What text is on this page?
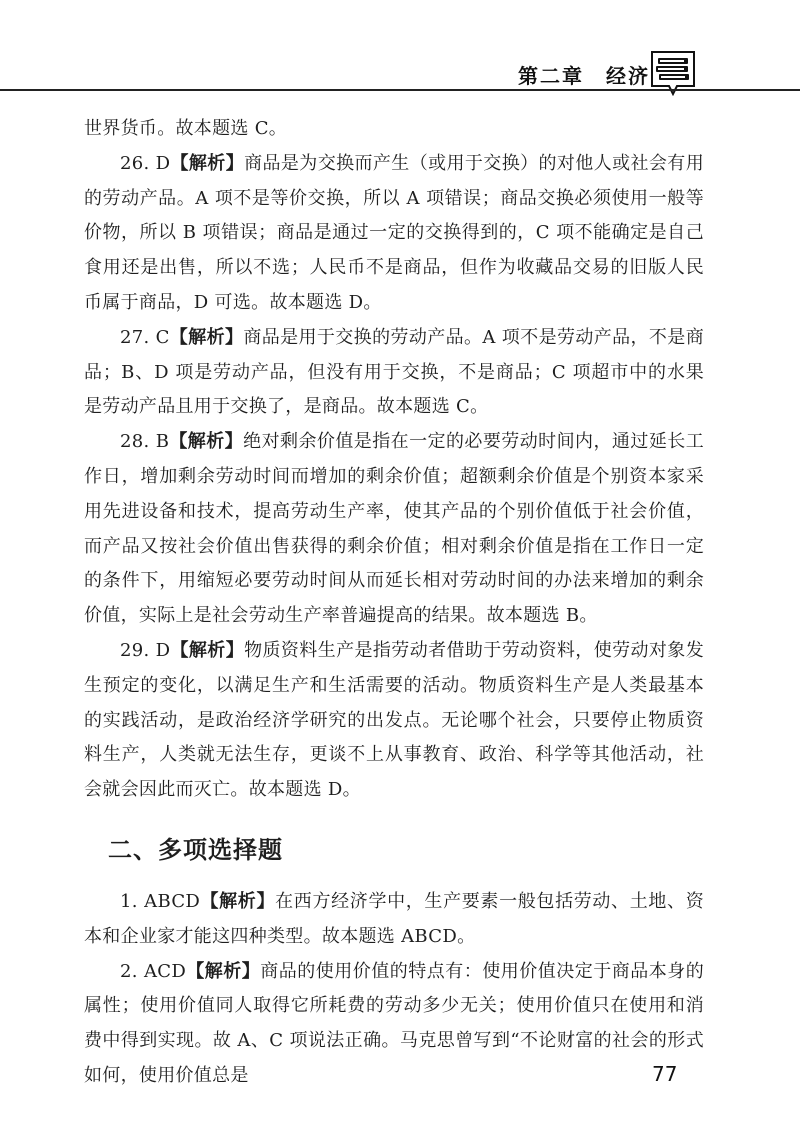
第二章　经济

世界货币。故本题选 C。

26. D【解析】商品是为交换而产生（或用于交换）的对他人或社会有用的劳动产品。A 项不是等价交换，所以 A 项错误；商品交换必须使用一般等价物，所以 B 项错误；商品是通过一定的交换得到的，C 项不能确定是自己食用还是出售，所以不选；人民币不是商品，但作为收藏品交易的旧版人民币属于商品，D 可选。故本题选 D。

27. C【解析】商品是用于交换的劳动产品。A 项不是劳动产品，不是商品；B、D 项是劳动产品，但没有用于交换，不是商品；C 项超市中的水果是劳动产品且用于交换了，是商品。故本题选 C。

28. B【解析】绝对剩余价值是指在一定的必要劳动时间内，通过延长工作日，增加剩余劳动时间而增加的剩余价值；超额剩余价值是个别资本家采用先进设备和技术，提高劳动生产率，使其产品的个别价值低于社会价值，而产品又按社会价值出售获得的剩余价值；相对剩余价值是指在工作日一定的条件下，用缩短必要劳动时间从而延长相对劳动时间的办法来增加的剩余价值，实际上是社会劳动生产率普遍提高的结果。故本题选 B。

29. D【解析】物质资料生产是指劳动者借助于劳动资料，使劳动对象发生预定的变化，以满足生产和生活需要的活动。物质资料生产是人类最基本的实践活动，是政治经济学研究的出发点。无论哪个社会，只要停止物质资料生产，人类就无法生存，更谈不上从事教育、政治、科学等其他活动，社会就会因此而灭亡。故本题选 D。

二、多项选择题

1. ABCD【解析】在西方经济学中，生产要素一般包括劳动、土地、资本和企业家才能这四种类型。故本题选 ABCD。

2. ACD【解析】商品的使用价值的特点有：使用价值决定于商品本身的属性；使用价值同人取得它所耗费的劳动多少无关；使用价值只在使用和消费中得到实现。故 A、C 项说法正确。马克思曾写到“不论财富的社会的形式如何，使用价值总是	77
